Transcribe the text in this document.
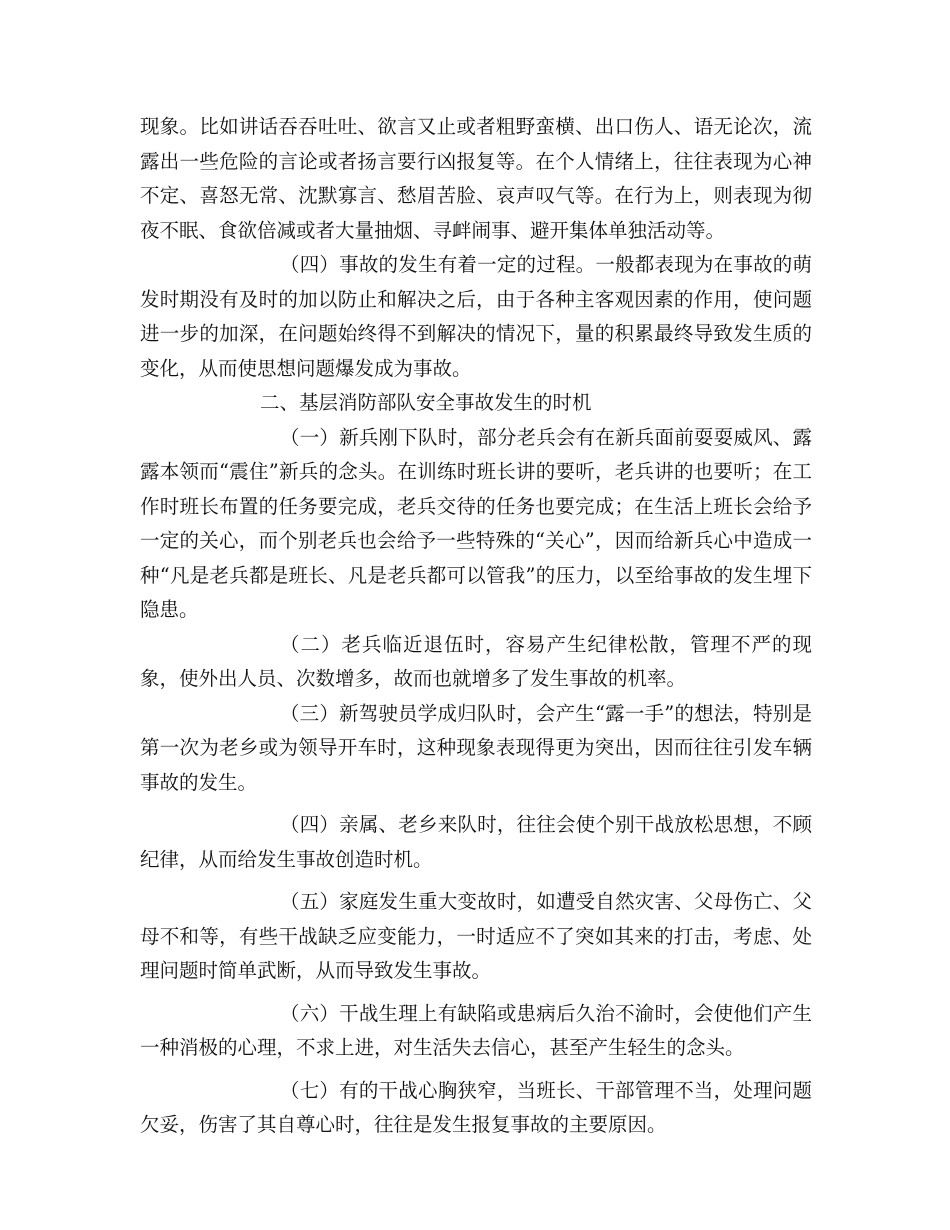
现象。比如讲话吞吞吐吐、欲言又止或者粗野蛮横、出口伤人、语无论次，流露出一些危险的言论或者扬言要行凶报复等。在个人情绪上，往往表现为心神不定、喜怒无常、沈默寡言、愁眉苦脸、哀声叹气等。在行为上，则表现为彻夜不眠、食欲倍减或者大量抽烟、寻衅闹事、避开集体单独活动等。

（四）事故的发生有着一定的过程。一般都表现为在事故的萌发时期没有及时的加以防止和解决之后，由于各种主客观因素的作用，使问题进一步的加深，在问题始终得不到解决的情况下，量的积累最终导致发生质的变化，从而使思想问题爆发成为事故。

二、基层消防部队安全事故发生的时机

（一）新兵刚下队时，部分老兵会有在新兵面前耍耍威风、露露本领而“震住”新兵的念头。在训练时班长讲的要听，老兵讲的也要听；在工作时班长布置的任务要完成，老兵交待的任务也要完成；在生活上班长会给予一定的关心，而个别老兵也会给予一些特殊的“关心”，因而给新兵心中造成一种“凡是老兵都是班长、凡是老兵都可以管我”的压力，以至给事故的发生埋下隐患。

（二）老兵临近退伍时，容易产生纪律松散，管理不严的现象，使外出人员、次数增多，故而也就增多了发生事故的机率。

（三）新驾驶员学成归队时，会产生“露一手”的想法，特别是第一次为老乡或为领导开车时，这种现象表现得更为突出，因而往往引发车辆事故的发生。

（四）亲属、老乡来队时，往往会使个别干战放松思想，不顾纪律，从而给发生事故创造时机。

（五）家庭发生重大变故时，如遭受自然灾害、父母伤亡、父母不和等，有些干战缺乏应变能力，一时适应不了突如其来的打击，考虑、处理问题时简单武断，从而导致发生事故。

（六）干战生理上有缺陷或患病后久治不渝时，会使他们产生一种消极的心理，不求上进，对生活失去信心，甚至产生轻生的念头。

（七）有的干战心胸狭窄，当班长、干部管理不当，处理问题欠妥，伤害了其自尊心时，往往是发生报复事故的主要原因。
